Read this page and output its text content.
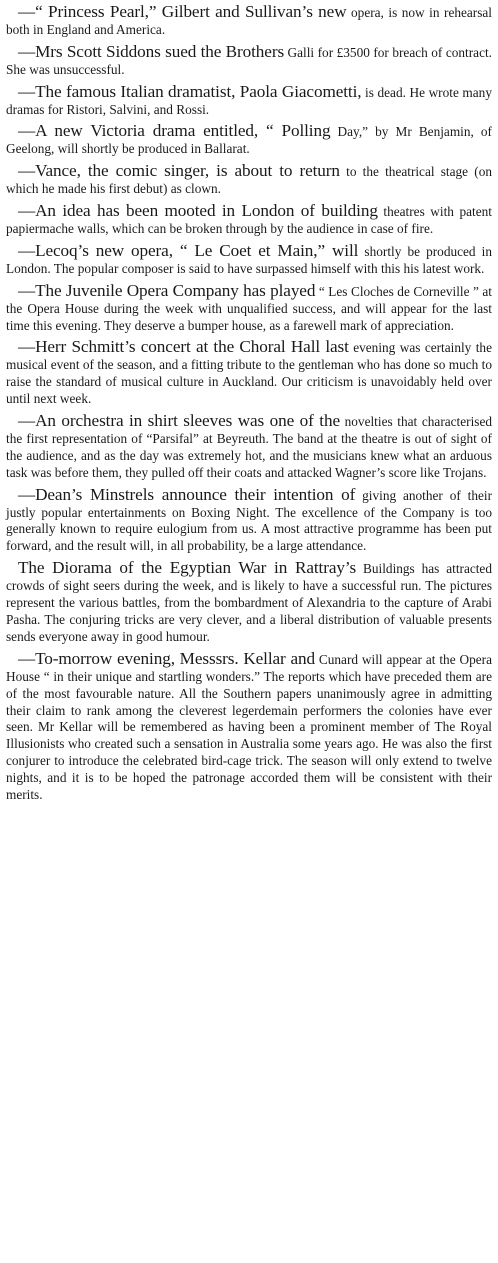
—“ Princess Pearl,” Gilbert and Sullivan’s new opera, is now in rehearsal both in England and America.

—Mrs Scott Siddons sued the Brothers Galli for £3500 for breach of contract. She was unsuccessful.

—The famous Italian dramatist, Paola Giacometti, is dead. He wrote many dramas for Ristori, Salvini, and Rossi.

—A new Victoria drama entitled, “ Polling Day,” by Mr Benjamin, of Geelong, will shortly be produced in Ballarat.

—Vance, the comic singer, is about to return to the theatrical stage (on which he made his first debut) as clown.

—An idea has been mooted in London of building theatres with patent papiermache walls, which can be broken through by the audience in case of fire.

—Lecoq’s new opera, “ Le Coet et Main,” will shortly be produced in London. The popular composer is said to have surpassed himself with this his latest work.

—The Juvenile Opera Company has played “ Les Cloches de Corneville ” at the Opera House during the week with unqualified success, and will appear for the last time this evening. They deserve a bumper house, as a farewell mark of appreciation.

—Herr Schmitt’s concert at the Choral Hall last evening was certainly the musical event of the season, and a fitting tribute to the gentleman who has done so much to raise the standard of musical culture in Auckland. Our criticism is unavoidably held over until next week.

—An orchestra in shirt sleeves was one of the novelties that characterised the first representation of “Parsifal” at Beyreuth. The band at the theatre is out of sight of the audience, and as the day was extremely hot, and the musicians knew what an arduous task was before them, they pulled off their coats and attacked Wagner’s score like Trojans.

—Dean’s Minstrels announce their intention of giving another of their justly popular entertainments on Boxing Night. The excellence of the Company is too generally known to require eulogium from us. A most attractive programme has been put forward, and the result will, in all probability, be a large attendance.

The Diorama of the Egyptian War in Rattray’s Buildings has attracted crowds of sight seers during the week, and is likely to have a successful run. The pictures represent the various battles, from the bombardment of Alexandria to the capture of Arabi Pasha. The conjuring tricks are very clever, and a liberal distribution of valuable presents sends everyone away in good humour.

—To-morrow evening, Messsrs. Kellar and Cunard will appear at the Opera House “ in their unique and startling wonders.” The reports which have preceded them are of the most favourable nature. All the Southern papers unanimously agree in admitting their claim to rank among the cleverest legerdemain performers the colonies have ever seen. Mr Kellar will be remembered as having been a prominent member of The Royal Illusionists who created such a sensation in Australia some years ago. He was also the first conjurer to introduce the celebrated bird-cage trick. The season will only extend to twelve nights, and it is to be hoped the patronage accorded them will be consistent with their merits.
